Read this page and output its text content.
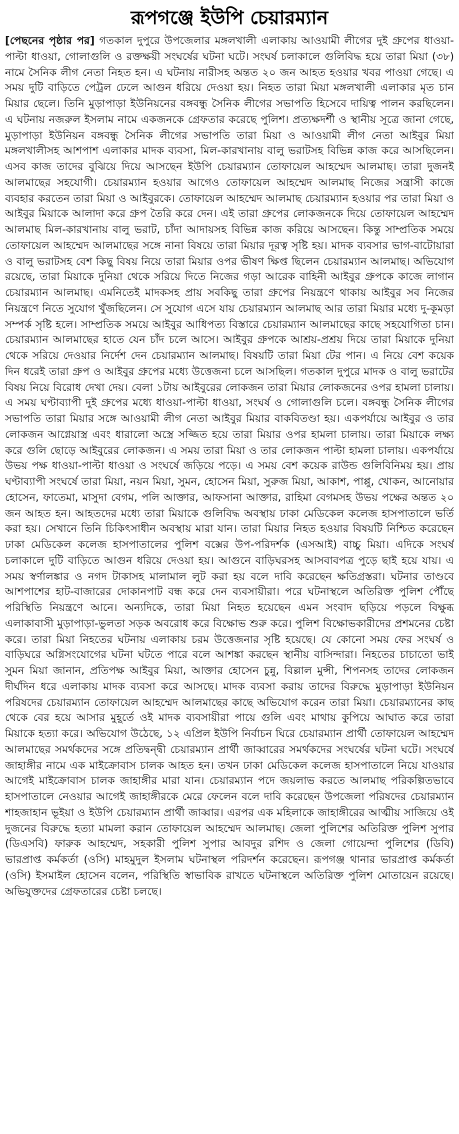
রূপগঞ্জে ইউপি চেয়ারম্যান

[পেছনের পৃষ্ঠার পর] গতকাল দুপুরে উপজেলার মঙ্গলখালী এলাকায় আওয়ামী লীগের দুই গ্রুপের ধাওয়া-পাল্টা ধাওয়া, গোলাগুলি ও রক্তক্ষয়ী সংঘর্ষের ঘটনা ঘটে। সংঘর্ষ চলাকালে গুলিবিদ্ধ হয়ে তারা মিয়া (৩৮) নামে সৈনিক লীগ নেতা নিহত হন। এ ঘটনায় নারীসহ অন্তত ২০ জন আহত হওয়ার খবর পাওয়া গেছে। এ সময় দুটি বাড়িতে পেট্রল ঢেলে আগুন ধরিয়ে দেওয়া হয়। নিহত তারা মিয়া মঙ্গলখালী এলাকার মৃত চান মিয়ার ছেলে। তিনি মুড়াপাড়া ইউনিয়নের বঙ্গবন্ধু সৈনিক লীগের সভাপতি হিসেবে দায়িত্ব পালন করছিলেন। এ ঘটনায় নজরুল ইসলাম নামে একজনকে গ্রেফতার করেছে পুলিশ। প্রত্যক্ষদর্শী ও স্থানীয় সূত্রে জানা গেছে, মুড়াপাড়া ইউনিয়ন বঙ্গবন্ধু সৈনিক লীগের সভাপতি তারা মিয়া ও আওয়ামী লীগ নেতা আইবুর মিয়া মঙ্গলখালীসহ আশপাশ এলাকার মাদক ব্যবসা, মিল-কারখানায় বালু ভরাটসহ বিভিন্ন কাজ করে আসছিলেন। এসব কাজ তাদের বুঝিয়ে দিয়ে আসছেন ইউপি চেয়ারম্যান তোফায়েল আহম্মেদ আলমাছ। তারা দুজনই আলমাছের সহযোগী। চেয়ারম্যান হওয়ার আগেও তোফায়েল আহম্মেদ আলমাছ নিজের সন্ত্রাসী কাজে ব্যবহার করতেন তারা মিয়া ও আইবুরকে। তোফায়েল আহম্মেদ আলমাছ চেয়ারম্যান হওয়ার পর তারা মিয়া ও আইবুর মিয়াকে আলাদা করে গ্রুপ তৈরি করে দেন। এই তারা গ্রুপের লোকজনকে দিয়ে তোফায়েল আহম্মেদ আলমাছ মিল-কারখানায় বালু ভরাট, চাঁদা আদায়সহ বিভিন্ন কাজ করিয়ে আসছেন। কিন্তু সাম্প্রতিক সময়ে তোফায়েল আহম্মেদ আলমাছের সঙ্গে নানা বিষয়ে তারা মিয়ার দূরত্ব সৃষ্টি হয়। মাদক ব্যবসার ভাগ-বাটোয়ারা ও বালু ভরাটসহ বেশ কিছু বিষয় নিয়ে তারা মিয়ার ওপর ভীষণ ক্ষিপ্ত ছিলেন চেয়ারম্যান আলমাছ। অভিযোগ রয়েছে, তারা মিয়াকে দুনিয়া থেকে সরিয়ে দিতে নিজের গড়া আরেক বাহিনী আইবুর গ্রুপকে কাজে লাগান চেয়ারম্যান আলমাছ। এমনিতেই মাদকসহ প্রায় সবকিছু তারা গ্রুপের নিয়ন্ত্রণে থাকায় আইবুর সব নিজের নিয়ন্ত্রণে নিতে সুযোগ খুঁজছিলেন। সে সুযোগ এসে যায় চেয়ারম্যান আলমাছ আর তারা মিয়ার মধ্যে দু-কূমড়া সম্পর্ক সৃষ্টি হলে। সাম্প্রতিক সময়ে আইবুর আধিপত্য বিস্তারে চেয়ারম্যান আলমাছের কাছে সহযোগিতা চান। চেয়ারম্যান আলমাছের হাতে যেন চাঁদ চলে আসে। আইবুর গ্রুপকে আশ্রয়-প্রশ্রয় দিয়ে তারা মিয়াকে দুনিয়া থেকে সরিয়ে দেওয়ার নির্দেশ দেন চেয়ারম্যান আলমাছ। বিষয়টি তারা মিয়া টের পান। এ নিয়ে বেশ কয়েক দিন ধরেই তারা গ্রুপ ও আইবুর গ্রুপের মধ্যে উত্তেজনা চলে আসছিল। গতকাল দুপুরে মাদক ও বালু ভরাটের বিষয় নিয়ে বিরোধ দেখা দেয়। বেলা ১টায় আইবুরের লোকজন তারা মিয়ার লোকজনের ওপর হামলা চালায়। এ সময় ঘণ্টাব্যাপী দুই গ্রুপের মধ্যে ধাওয়া-পাল্টা ধাওয়া, সংঘর্ষ ও গোলাগুলি চলে। বঙ্গবন্ধু সৈনিক লীগের সভাপতি তারা মিয়ার সঙ্গে আওয়ামী লীগ নেতা আইবুর মিয়ার বাকবিতণ্ডা হয়। একপর্যায়ে আইবুর ও তার লোকজন আগ্নেয়াস্ত্র এবং ধারালো অস্ত্রে সজ্জিত হয়ে তারা মিয়ার ওপর হামলা চালায়। তারা মিয়াকে লক্ষ্য করে গুলি ছোড়ে আইবুরের লোকজন। এ সময় তারা মিয়া ও তার লোকজন পাল্টা হামলা চালায়। একপর্যায়ে উভয় পক্ষ ধাওয়া-পাল্টা ধাওয়া ও সংঘর্ষে জড়িয়ে পড়ে। এ সময় বেশ কয়েক রাউন্ড গুলিবিনিময় হয়। প্রায় ঘণ্টাব্যাপী সংঘর্ষে তারা মিয়া, নয়ন মিয়া, সুমন, হোসেন মিয়া, সুরুজ মিয়া, আকাশ, পাপ্পু, খোকন, আনোয়ার হোসেন, ফাতেমা, মাসুদা বেগম, পলি আক্তার, আফসানা আক্তার, রাহিমা বেগমসহ উভয় পক্ষের অন্তত ২০ জন আহত হন। আহতদের মধ্যে তারা মিয়াকে গুলিবিদ্ধ অবস্থায় ঢাকা মেডিকেল কলেজ হাসপাতালে ভর্তি করা হয়। সেখানে তিনি চিকিৎসাধীন অবস্থায় মারা যান। তারা মিয়ার নিহত হওয়ার বিষয়টি নিশ্চিত করেছেন ঢাকা মেডিকেল কলেজ হাসপাতালের পুলিশ বক্সের উপ-পরিদর্শক (এসআই) বাচ্চু মিয়া। এদিকে সংঘর্ষ চলাকালে দুটি বাড়িতে আগুন ধরিয়ে দেওয়া হয়। আগুনে বাড়িঘরসহ আসবাবপত্র পুড়ে ছাই হয়ে যায়। এ সময় স্বর্ণালঙ্কার ও নগদ টাকাসহ মালামাল লুট করা হয় বলে দাবি করেছেন ক্ষতিগ্রস্তরা। ঘটনার তাণ্ডবে আশপাশের হাট-বাজারের দোকানপাট বন্ধ করে দেন ব্যবসায়ীরা। পরে ঘটনাস্থলে অতিরিক্ত পুলিশ পৌঁছে পরিস্থিতি নিয়ন্ত্রণে আনে। অন্যদিকে, তারা মিয়া নিহত হয়েছেন এমন সংবাদ ছড়িয়ে পড়লে বিক্ষুব্ধ এলাকাবাসী মুড়াপাড়া-ভুলতা সড়ক অবরোধ করে বিক্ষোভ শুরু করে। পুলিশ বিক্ষোভকারীদের প্রশমনের চেষ্টা করে। তারা মিয়া নিহতের ঘটনায় এলাকায় চরম উত্তেজনার সৃষ্টি হয়েছে। যে কোনো সময় ফের সংঘর্ষ ও বাড়িঘরে অগ্নিসংযোগের ঘটনা ঘটতে পারে বলে আশঙ্কা করছেন স্থানীয় বাসিন্দারা। নিহতের চাচাতো ভাই সুমন মিয়া জানান, প্রতিপক্ষ আইবুর মিয়া, আক্তার হোসেন চুন্নু, বিল্লাল মুন্সী, শিপনসহ তাদের লোকজন দীর্ঘদিন ধরে এলাকায় মাদক ব্যবসা করে আসছে। মাদক ব্যবসা করায় তাদের বিরুদ্ধে মুড়াপাড়া ইউনিয়ন পরিষদের চেয়ারম্যান তোফায়েল আহম্মেদ আলমাছের কাছে অভিযোগ করেন তারা মিয়া। চেয়ারম্যানের কাছ থেকে বের হয়ে আসার মুহূর্তে ওই মাদক ব্যবসায়ীরা পায়ে গুলি এবং মাথায় কুপিয়ে আঘাত করে তারা মিয়াকে হত্যা করে। অভিযোগ উঠেছে, ১২ এপ্রিল ইউপি নির্বাচন ঘিরে চেয়ারম্যান প্রার্থী তোফায়েল আহম্মেদ আলমাছের সমর্থকদের সঙ্গে প্রতিদ্বন্দ্বী চেয়ারম্যান প্রার্থী জাব্বারের সমর্থকদের সংঘর্ষের ঘটনা ঘটে। সংঘর্ষে জাহাঙ্গীর নামে এক মাইক্রোবাস চালক আহত হন। তখন ঢাকা মেডিকেল কলেজ হাসপাতালে নিয়ে যাওয়ার আগেই মাইক্রোবাস চালক জাহাঙ্গীর মারা যান। চেয়ারম্যান পদে জয়লাভ করতে আলমাছ পরিকল্পিতভাবে হাসপাতালে নেওয়ার আগেই জাহাঙ্গীরকে মেরে ফেলেন বলে দাবি করেছেন উপজেলা পরিষদের চেয়ারম্যান শাহজাহান ভূইয়া ও ইউপি চেয়ারম্যান প্রার্থী জাব্বার। এরপর এক মহিলাকে জাহাঙ্গীরের আত্মীয় সাজিয়ে ওই দুজনের বিরুদ্ধে হত্যা মামলা করান তোফায়েল আহম্মেদ আলমাছ। জেলা পুলিশের অতিরিক্ত পুলিশ সুপার (ডিএসবি) ফারুক আহম্মেদ, সহকারী পুলিশ সুপার আবদুর রশিদ ও জেলা গোয়েন্দা পুলিশের (ডিবি) ভারপ্রাপ্ত কর্মকর্তা (ওসি) মাহমুদুল ইসলাম ঘটনাস্থল পরিদর্শন করেছেন। রূপগঞ্জ থানার ভারপ্রাপ্ত কর্মকর্তা (ওসি) ইসমাইল হোসেন বলেন, পরিস্থিতি স্বাভাবিক রাখতে ঘটনাস্থলে অতিরিক্ত পুলিশ মোতায়েন রয়েছে। অভিযুক্তদের গ্রেফতারের চেষ্টা চলছে।
